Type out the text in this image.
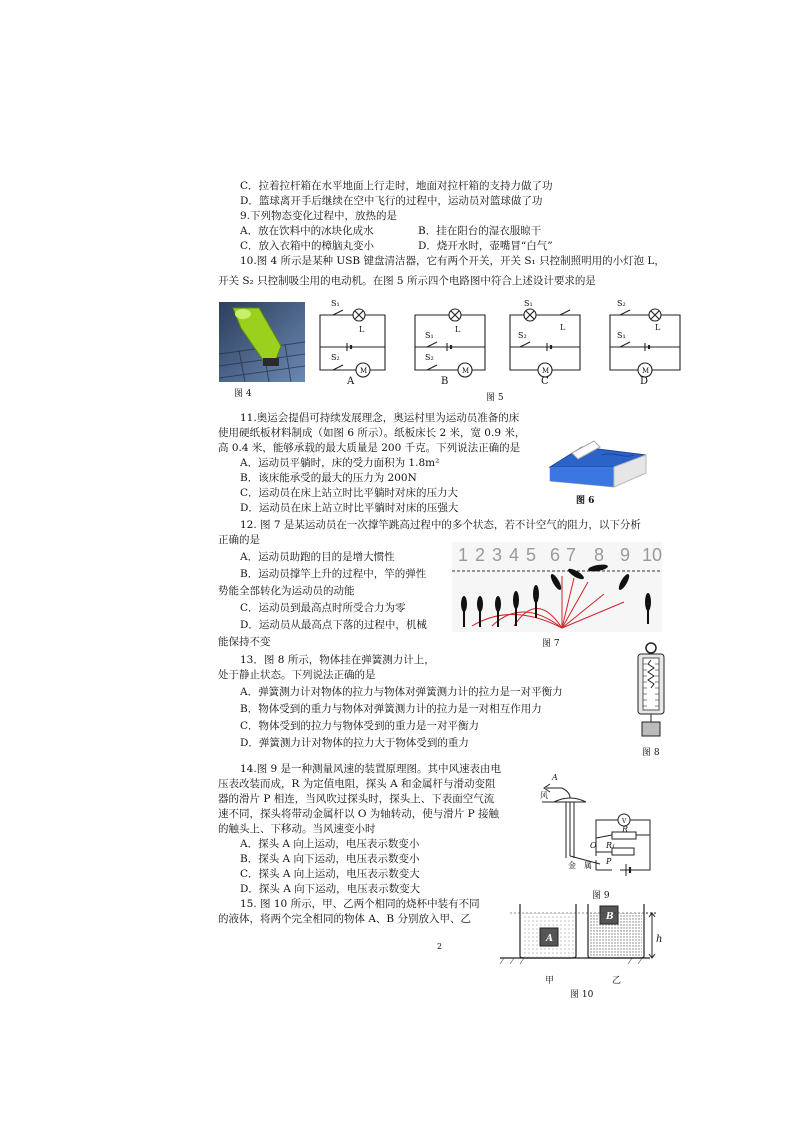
C．拉着拉杆箱在水平地面上行走时，地面对拉杆箱的支持力做了功
D．篮球离开手后继续在空中飞行的过程中，运动员对篮球做了功
9.下列物态变化过程中，放热的是
A．放在饮料中的冰块化成水	B．挂在阳台的湿衣服晾干
C．放入衣箱中的樟脑丸变小	D．烧开水时，壶嘴冒“白气”
10.图 4 所示是某种 USB 键盘清洁器，它有两个开关，开关 S₁ 只控制照明用的小灯泡 L，
开关 S₂ 只控制吸尘用的电动机。在图 5 所示四个电路图中符合上述设计要求的是
图 4
S₁
L
S₂
M
S₁
L
S₂
M
S₁
L
S₂
M
S₂
L
S₁
M
A	B	C	D
图 5
11.奥运会提倡可持续发展理念，奥运村里为运动员准备的床
使用硬纸板材料制成（如图 6 所示）。纸板床长 2 米，宽 0.9 米，
高 0.4 米，能够承载的最大质量是 200 千克。下列说法正确的是
A．运动员平躺时，床的受力面积为 1.8m²
B．该床能承受的最大的压力为 200N
C．运动员在床上站立时比平躺时对床的压力大
D．运动员在床上站立时比平躺时对床的压强大
图 6
12. 图 7 是某运动员在一次撑竿跳高过程中的多个状态，若不计空气的阻力，以下分析
正确的是
A．运动员助跑的目的是增大惯性
B．运动员撑竿上升的过程中，竿的弹性
势能全部转化为运动员的动能
C．运动员到最高点时所受合力为零
D．运动员从最高点下落的过程中，机械
能保持不变
1 2 3 4 5 6 7 8 9 10
图 7
13．图 8 所示，物体挂在弹簧测力计上，
处于静止状态。下列说法正确的是
A．弹簧测力计对物体的拉力与物体对弹簧测力计的拉力是一对平衡力
B．物体受到的重力与物体对弹簧测力计的拉力是一对相互作用力
C．物体受到的拉力与物体受到的重力是一对平衡力
D．弹簧测力计对物体的拉力大于物体受到的重力
图 8
14.图 9 是一种测量风速的装置原理图。其中风速表由电
压表改装而成，R 为定值电阻，探头 A 和金属杆与滑动变阻
器的滑片 P 相连，当风吹过探头时，探头上、下表面空气流
速不同，探头将带动金属杆以 O 为轴转动，使与滑片 P 接触
的触头上、下移动。当风速变小时
A．探头 A 向上运动，电压表示数变小
B．探头 A 向下运动，电压表示数变小
C．探头 A 向上运动，电压表示数变大
D．探头 A 向下运动，电压表示数变大
A
V
R
R₁
O
P
风
金 属
图 9
15. 图 10 所示，甲、乙两个相同的烧杯中装有不同
的液体，将两个完全相同的物体 A、B 分别放入甲、乙
A
B
h
甲	乙
图 10
2
